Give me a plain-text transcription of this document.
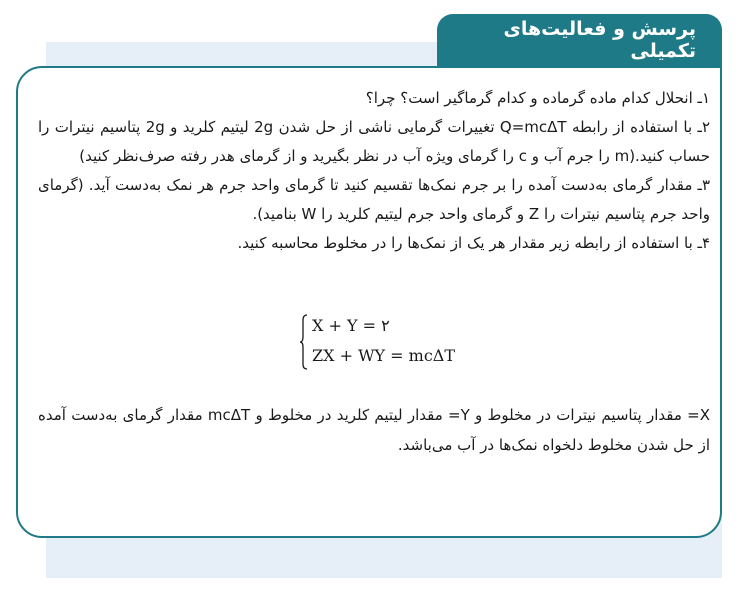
پرسش و فعالیت‌های تکمیلی

۱ـ انحلال کدام ماده گرماده و کدام گرماگیر است؟ چرا؟

۲ـ با استفاده از رابطه Q=mcΔT تغییرات گرمایی ناشی از حل شدن 2g لیتیم کلرید و 2g پتاسیم نیترات را حساب کنید.(m را جرم آب و c را گرمای ویژه آب در نظر بگیرید و از گرمای هدر رفته صرف‌نظر کنید)

۳ـ مقدار گرمای به‌دست آمده را بر جرم نمک‌ها تقسیم کنید تا گرمای واحد جرم هر نمک به‌دست آید. (گرمای واحد جرم پتاسیم نیترات را Z و گرمای واحد جرم لیتیم کلرید را W بنامید).

۴ـ با استفاده از رابطه زیر مقدار هر یک از نمک‌ها را در مخلوط محاسبه کنید.

X + Y = ۲
ZX + WY = mcΔT

X= مقدار پتاسیم نیترات در مخلوط و Y= مقدار لیتیم کلرید در مخلوط و mcΔT مقدار گرمای به‌دست آمده از حل شدن مخلوط دلخواه نمک‌ها در آب می‌باشد.
